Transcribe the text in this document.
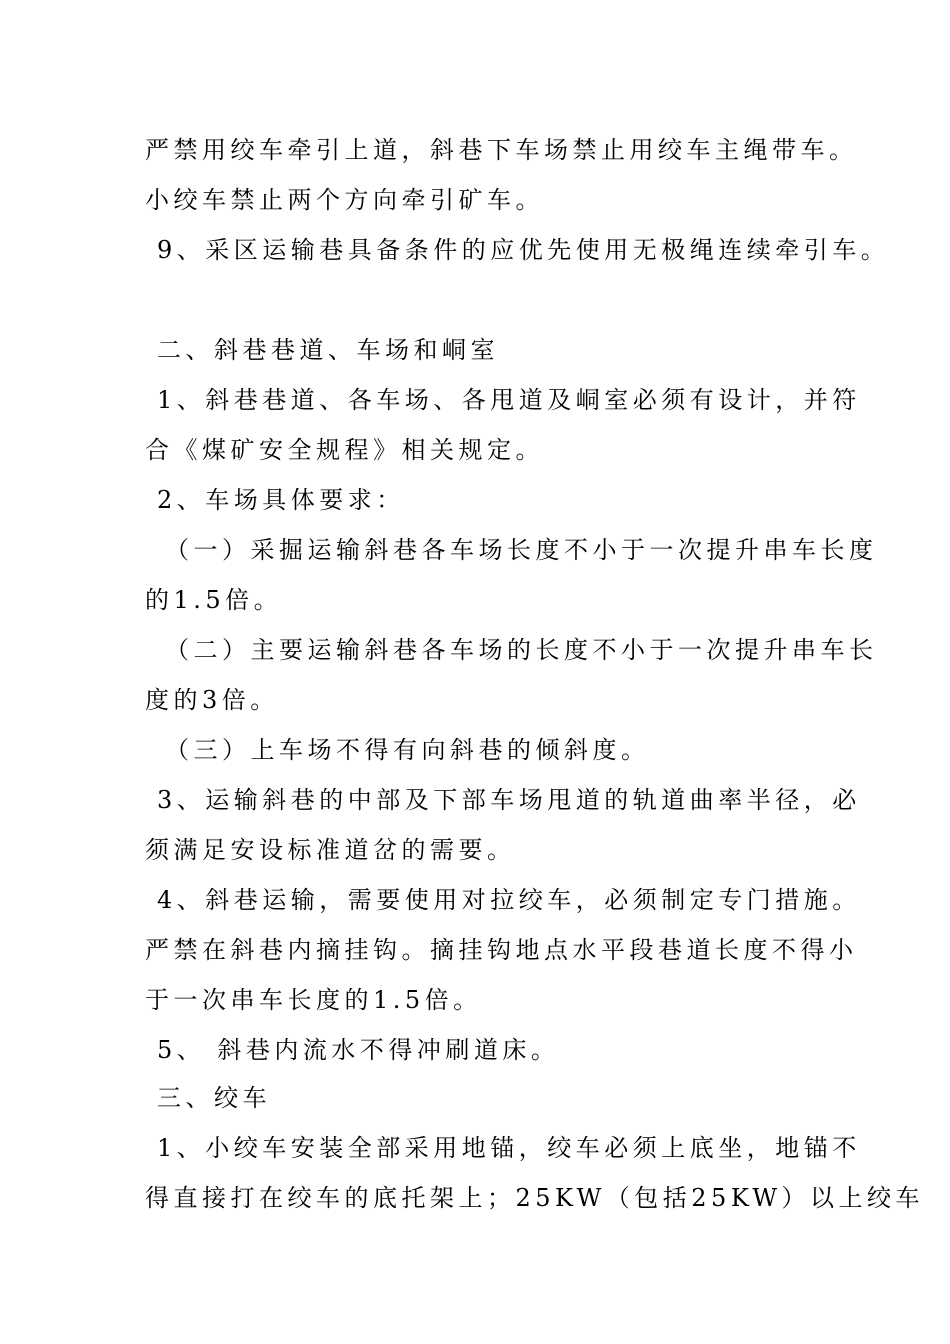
严禁用绞车牵引上道，斜巷下车场禁止用绞车主绳带车。
小绞车禁止两个方向牵引矿车。
9、采区运输巷具备条件的应优先使用无极绳连续牵引车。
二、斜巷巷道、车场和峒室
1、斜巷巷道、各车场、各甩道及峒室必须有设计，并符
合《煤矿安全规程》相关规定。
2、车场具体要求：
（一）采掘运输斜巷各车场长度不小于一次提升串车长度
的1.5倍。
（二）主要运输斜巷各车场的长度不小于一次提升串车长
度的3倍。
（三）上车场不得有向斜巷的倾斜度。
3、运输斜巷的中部及下部车场甩道的轨道曲率半径，必
须满足安设标准道岔的需要。
4、斜巷运输，需要使用对拉绞车，必须制定专门措施。
严禁在斜巷内摘挂钩。摘挂钩地点水平段巷道长度不得小
于一次串车长度的1.5倍。
5、 斜巷内流水不得冲刷道床。
三、绞车
1、小绞车安装全部采用地锚，绞车必须上底坐，地锚不
得直接打在绞车的底托架上；25KW（包括25KW）以上绞车
